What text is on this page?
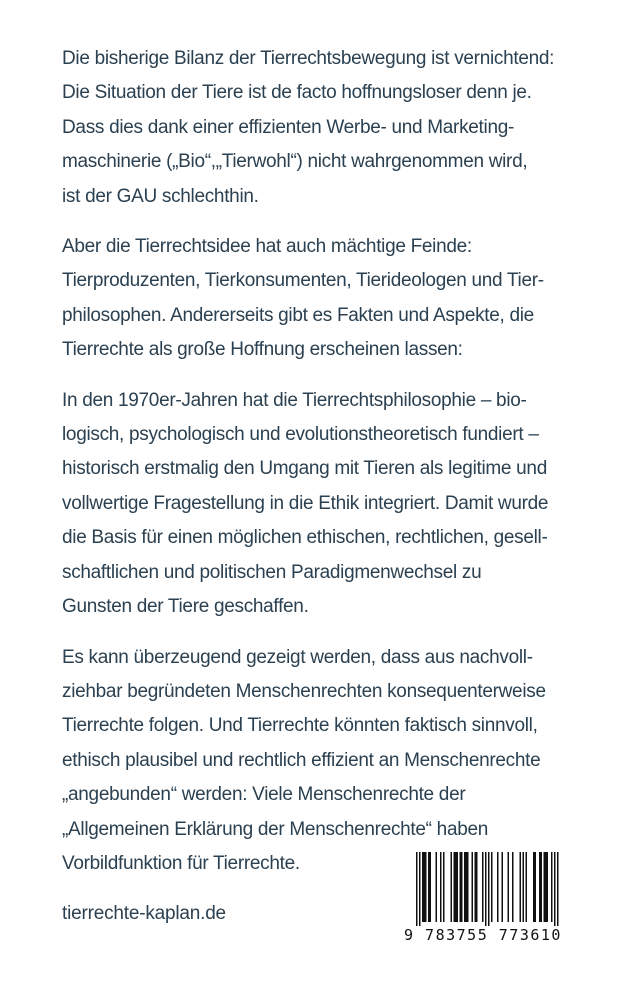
Die bisherige Bilanz der Tierrechtsbewegung ist vernichtend:
Die Situation der Tiere ist de facto hoffnungsloser denn je.
Dass dies dank einer effizienten Werbe- und Marketing-
maschinerie („Bio“,„Tierwohl“) nicht wahrgenommen wird,
ist der GAU schlechthin.

Aber die Tierrechtsidee hat auch mächtige Feinde:
Tierproduzenten, Tierkonsumenten, Tierideologen und Tier-
philosophen. Andererseits gibt es Fakten und Aspekte, die
Tierrechte als große Hoffnung erscheinen lassen:

In den 1970er-Jahren hat die Tierrechtsphilosophie – bio-
logisch, psychologisch und evolutionstheoretisch fundiert –
historisch erstmalig den Umgang mit Tieren als legitime und
vollwertige Fragestellung in die Ethik integriert. Damit wurde
die Basis für einen möglichen ethischen, rechtlichen, gesell-
schaftlichen und politischen Paradigmenwechsel zu
Gunsten der Tiere geschaffen.

Es kann überzeugend gezeigt werden, dass aus nachvoll-
ziehbar begründeten Menschenrechten konsequenterweise
Tierrechte folgen. Und Tierrechte könnten faktisch sinnvoll,
ethisch plausibel und rechtlich effizient an Menschenrechte
„angebunden“ werden: Viele Menschenrechte der
„Allgemeinen Erklärung der Menschenrechte“ haben
Vorbildfunktion für Tierrechte.

tierrechte-kaplan.de
9 783755 773610
